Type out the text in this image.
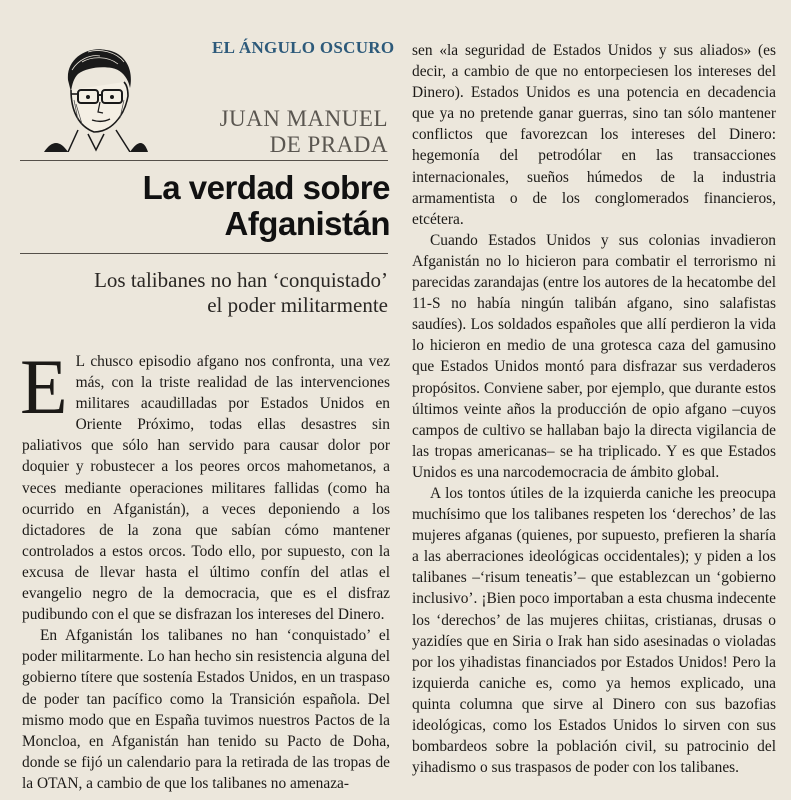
EL ÁNGULO OSCURO
JUAN MANUEL
DE PRADA
La verdad sobre
Afganistán
Los talibanes no han ‘conquistado’
el poder militarmente

E L chusco episodio afgano nos confronta, una vez más, con la triste realidad de las intervenciones militares acaudilladas por Estados Unidos en Oriente Próximo, todas ellas desastres sin paliativos que sólo han servido para causar dolor por doquier y robustecer a los peores orcos mahometanos, a veces mediante operaciones militares fallidas (como ha ocurrido en Afganistán), a veces deponiendo a los dictadores de la zona que sabían cómo mantener controlados a estos orcos. Todo ello, por supuesto, con la excusa de llevar hasta el último confín del atlas el evangelio negro de la democracia, que es el disfraz pudibundo con el que se disfrazan los intereses del Dinero.

En Afganistán los talibanes no han ‘conquistado’ el poder militarmente. Lo han hecho sin resistencia alguna del gobierno títere que sostenía Estados Unidos, en un traspaso de poder tan pacífico como la Transición española. Del mismo modo que en España tuvimos nuestros Pactos de la Moncloa, en Afganistán han tenido su Pacto de Doha, donde se fijó un calendario para la retirada de las tropas de la OTAN, a cambio de que los talibanes no amenaza-

sen «la seguridad de Estados Unidos y sus aliados» (es decir, a cambio de que no entorpeciesen los intereses del Dinero). Estados Unidos es una potencia en decadencia que ya no pretende ganar guerras, sino tan sólo mantener conflictos que favorezcan los intereses del Dinero: hegemonía del petrodólar en las transacciones internacionales, sueños húmedos de la industria armamentista o de los conglomerados financieros, etcétera.

Cuando Estados Unidos y sus colonias invadieron Afganistán no lo hicieron para combatir el terrorismo ni parecidas zarandajas (entre los autores de la hecatombe del 11-S no había ningún talibán afgano, sino salafistas saudíes). Los soldados españoles que allí perdieron la vida lo hicieron en medio de una grotesca caza del gamusino que Estados Unidos montó para disfrazar sus verdaderos propósitos. Conviene saber, por ejemplo, que durante estos últimos veinte años la producción de opio afgano –cuyos campos de cultivo se hallaban bajo la directa vigilancia de las tropas americanas– se ha triplicado. Y es que Estados Unidos es una narcodemocracia de ámbito global.

A los tontos útiles de la izquierda caniche les preocupa muchísimo que los talibanes respeten los ‘derechos’ de las mujeres afganas (quienes, por supuesto, prefieren la sharía a las aberraciones ideológicas occidentales); y piden a los talibanes –‘risum teneatis’– que establezcan un ‘gobierno inclusivo’. ¡Bien poco importaban a esta chusma indecente los ‘derechos’ de las mujeres chiitas, cristianas, drusas o yazidíes que en Siria o Irak han sido asesinadas o violadas por los yihadistas financiados por Estados Unidos! Pero la izquierda caniche es, como ya hemos explicado, una quinta columna que sirve al Dinero con sus bazofias ideológicas, como los Estados Unidos lo sirven con sus bombardeos sobre la población civil, su patrocinio del yihadismo o sus traspasos de poder con los talibanes.
